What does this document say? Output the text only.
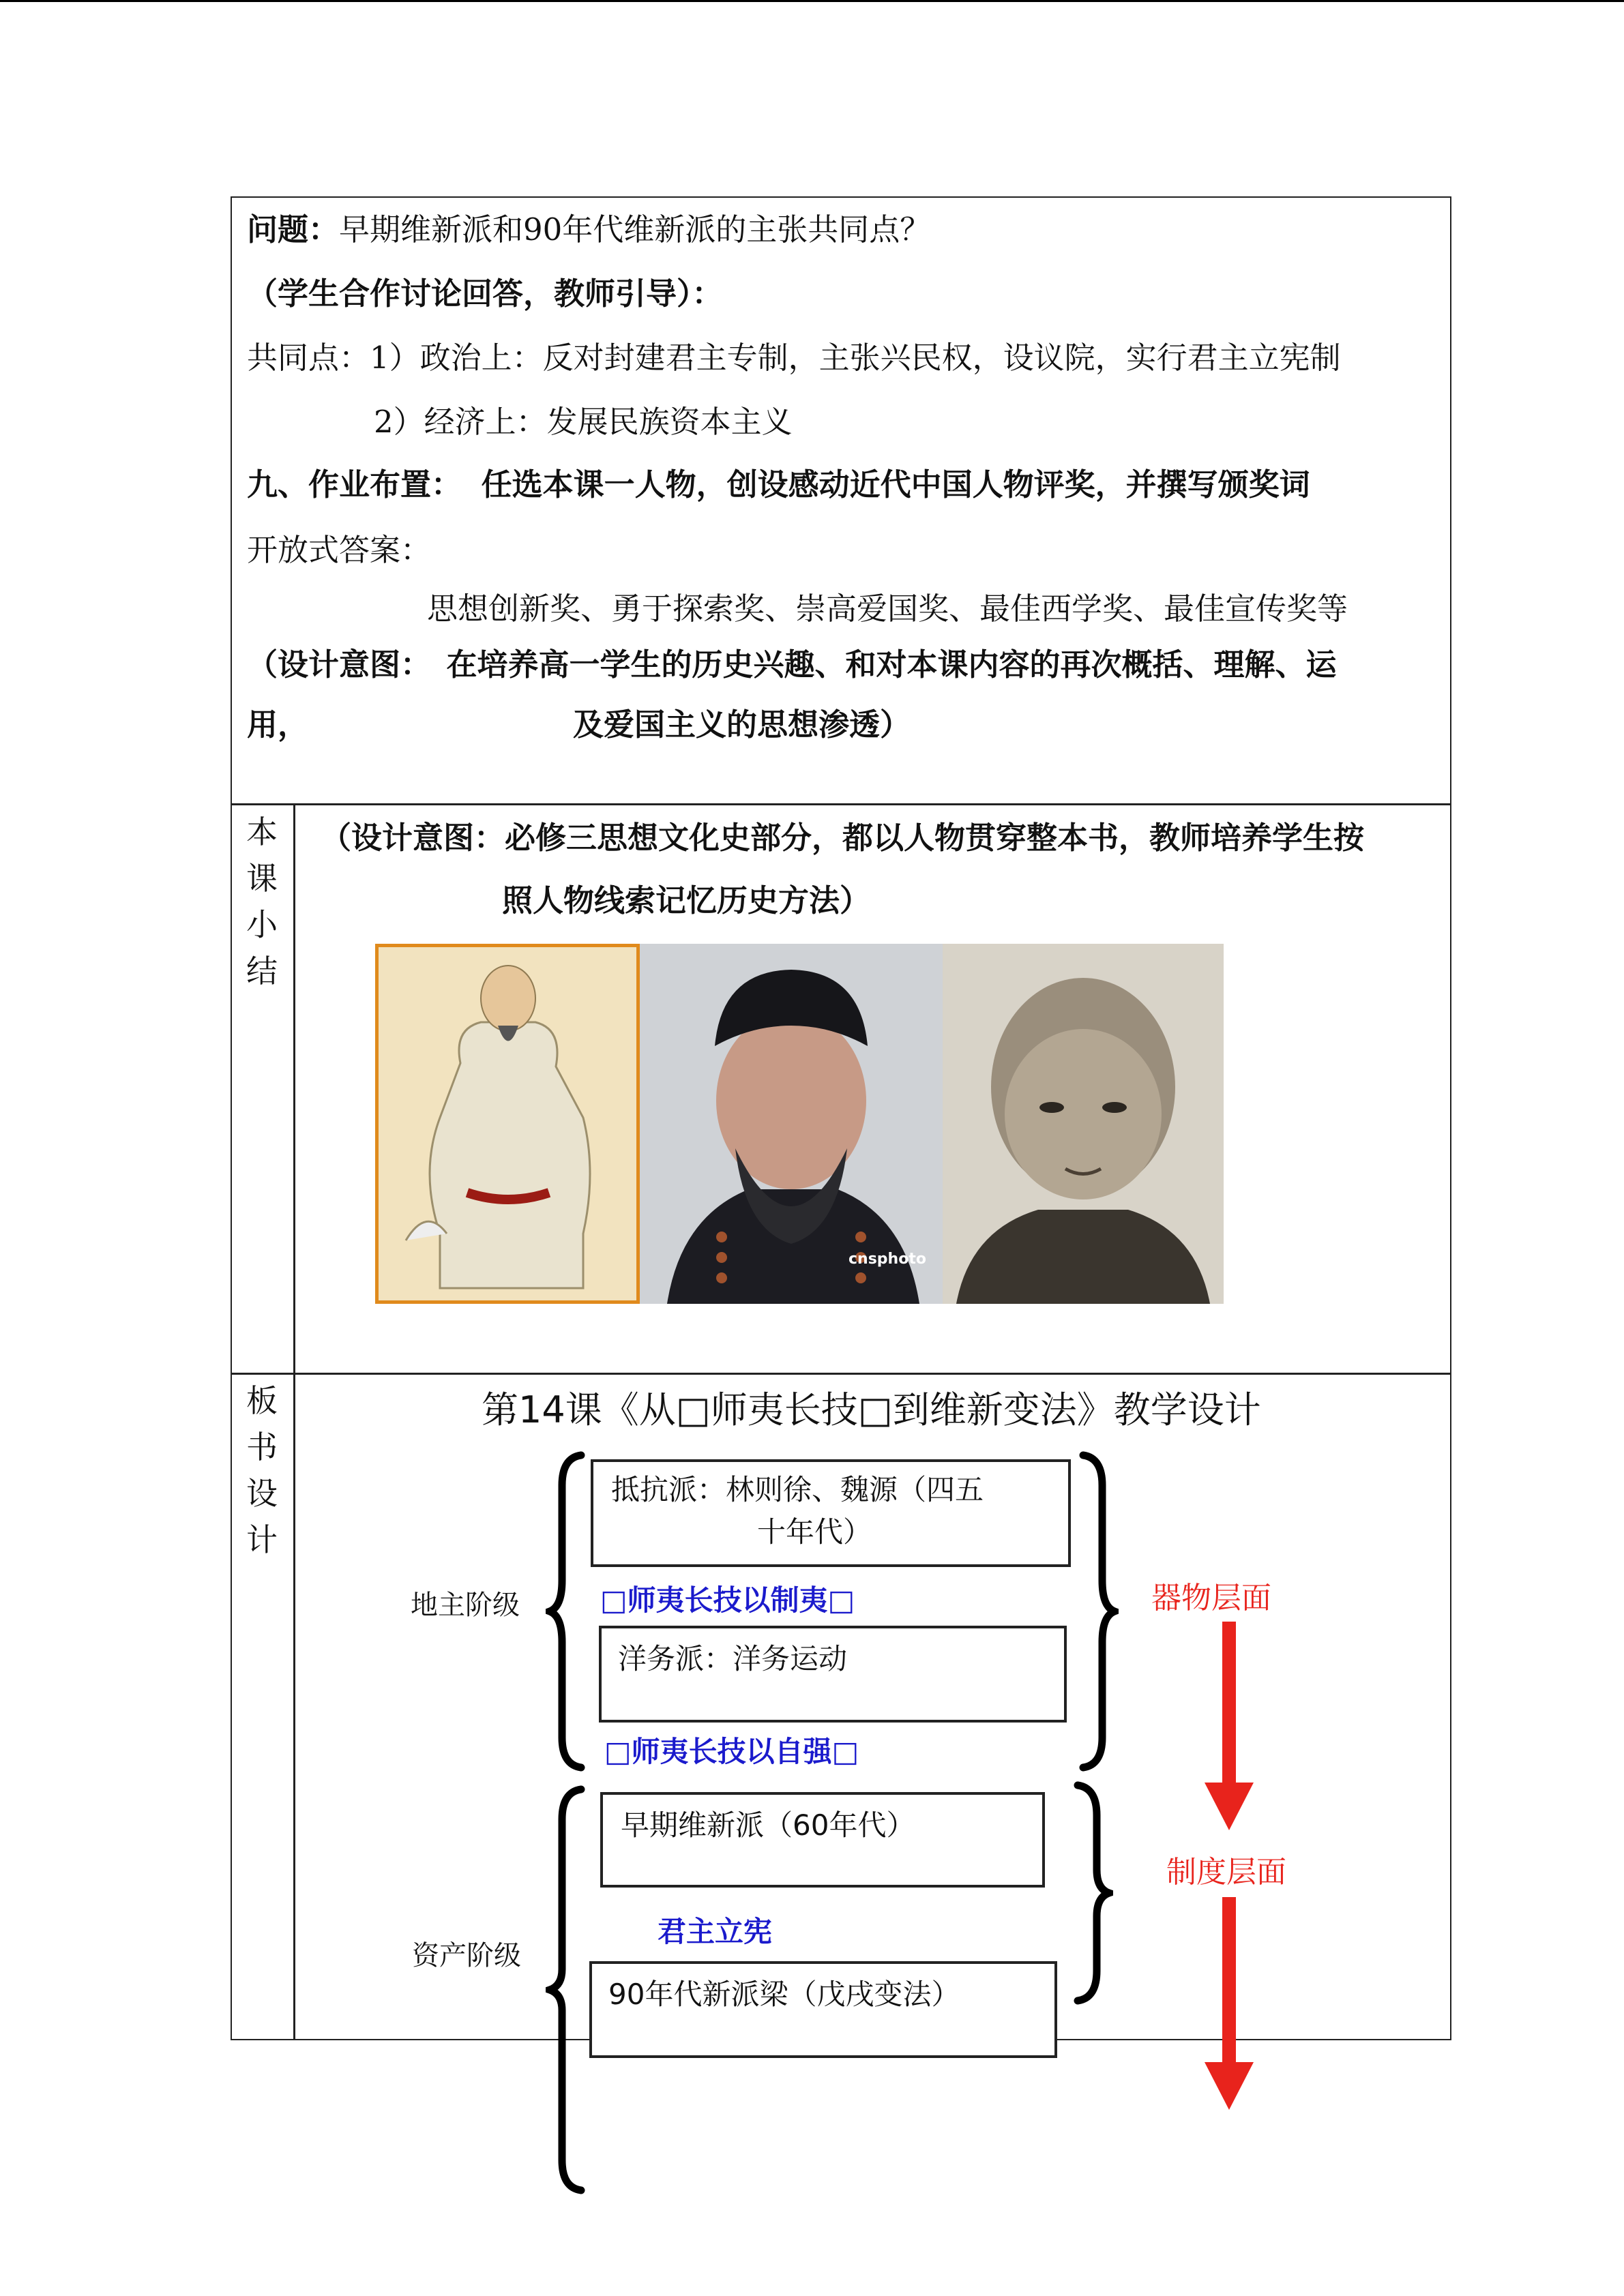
问题：早期维新派和90年代维新派的主张共同点？
（学生合作讨论回答，教师引导）：
共同点：1）政治上：反对封建君主专制，主张兴民权，设议院，实行君主立宪制
2）经济上：发展民族资本主义
九、作业布置： 任选本课一人物，创设感动近代中国人物评奖，并撰写颁奖词
开放式答案：
思想创新奖、勇于探索奖、崇高爱国奖、最佳西学奖、最佳宣传奖等
（设计意图：　在培养高一学生的历史兴趣、和对本课内容的再次概括、理解、运
用，	及爱国主义的思想渗透）
本
课
小
结
（设计意图：必修三思想文化史部分，都以人物贯穿整本书，教师培养学生按
照人物线索记忆历史方法）
cnsphoto
板
书
设
计
第14课《从□师夷长技□到维新变法》教学设计
地主阶级
资产阶级
抵抗派：林则徐、魏源（四五
十年代）
□师夷长技以制夷□
洋务派：洋务运动
□师夷长技以自强□
早期维新派（60年代）
君主立宪
90年代新派梁（戊戌变法）
器物层面
制度层面
